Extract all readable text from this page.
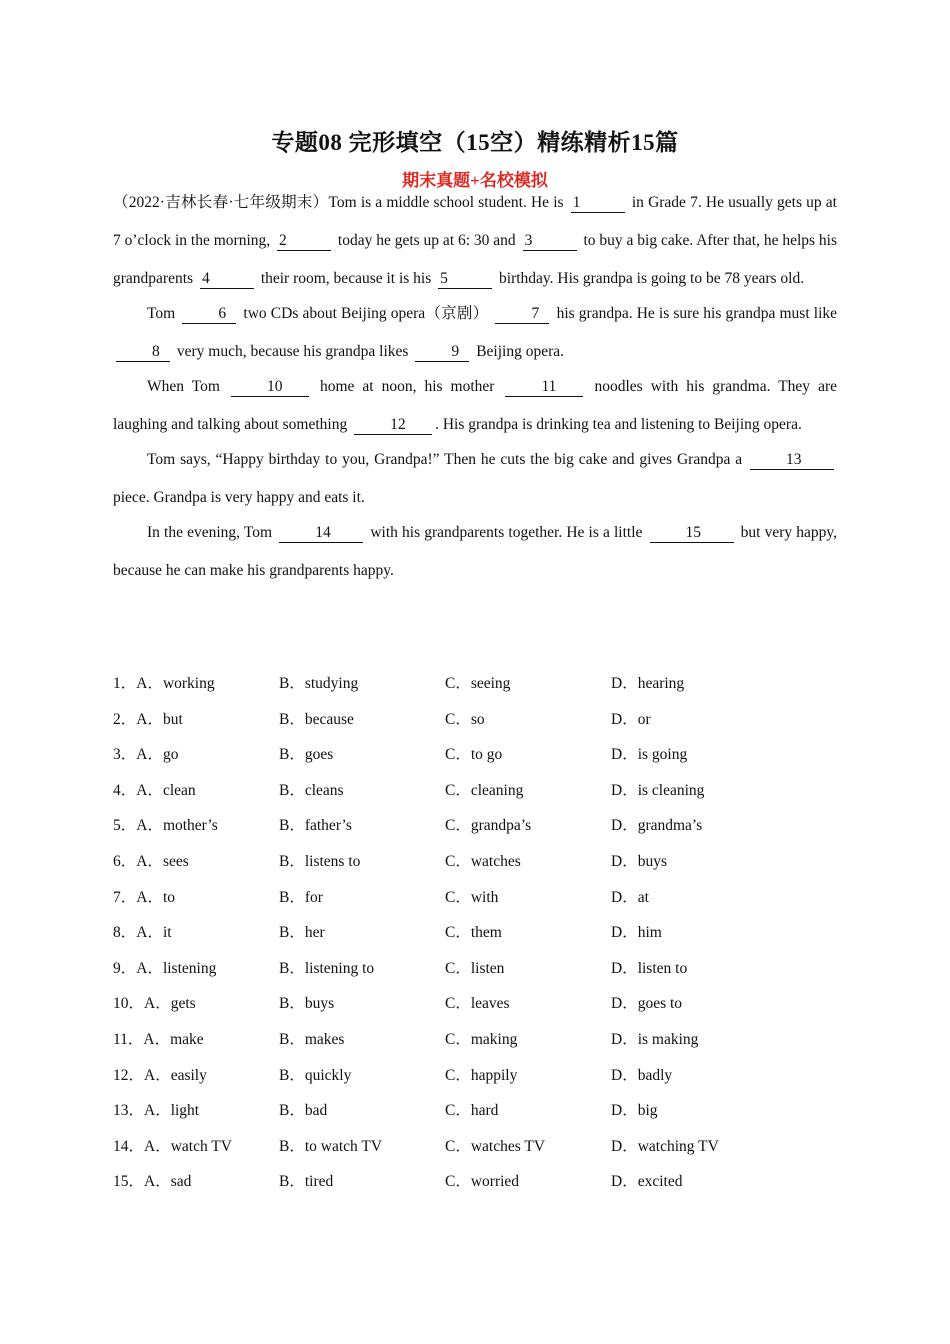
专题08 完形填空（15空）精练精析15篇
期末真题+名校模拟

（2022·吉林长春·七年级期末）Tom is a middle school student. He is 1	in Grade 7. He usually gets up at 7 o’clock in the morning, 2	today he gets up at 6: 30 and 3	to buy a big cake. After that, he helps his grandparents 4	their room, because it is his 5	birthday. His grandpa is going to be 78 years old.

Tom	6 two CDs about Beijing opera（京剧）	7 his grandpa. He is sure his grandpa must like 8 very much, because his grandpa likes	9 Beijing opera.

When Tom	10 home at noon, his mother	11 noodles with his grandma. They are laughing and talking about something	12 . His grandpa is drinking tea and listening to Beijing opera.

Tom says, “Happy birthday to you, Grandpa!” Then he cuts the big cake and gives Grandpa a	13 piece. Grandpa is very happy and eats it.

In the evening, Tom	14 with his grandparents together. He is a little	15 but very happy, because he can make his grandparents happy.

1．A．working	B．studying	C．seeing	D．hearing
2．A．but	B．because	C．so	D．or
3．A．go	B．goes	C．to go	D．is going
4．A．clean	B．cleans	C．cleaning	D．is cleaning
5．A．mother’s	B．father’s	C．grandpa’s	D．grandma’s
6．A．sees	B．listens to	C．watches	D．buys
7．A．to	B．for	C．with	D．at
8．A．it	B．her	C．them	D．him
9．A．listening	B．listening to	C．listen	D．listen to
10．A．gets	B．buys	C．leaves	D．goes to
11．A．make	B．makes	C．making	D．is making
12．A．easily	B．quickly	C．happily	D．badly
13．A．light	B．bad	C．hard	D．big
14．A．watch TV	B．to watch TV	C．watches TV	D．watching TV
15．A．sad	B．tired	C．worried	D．excited
